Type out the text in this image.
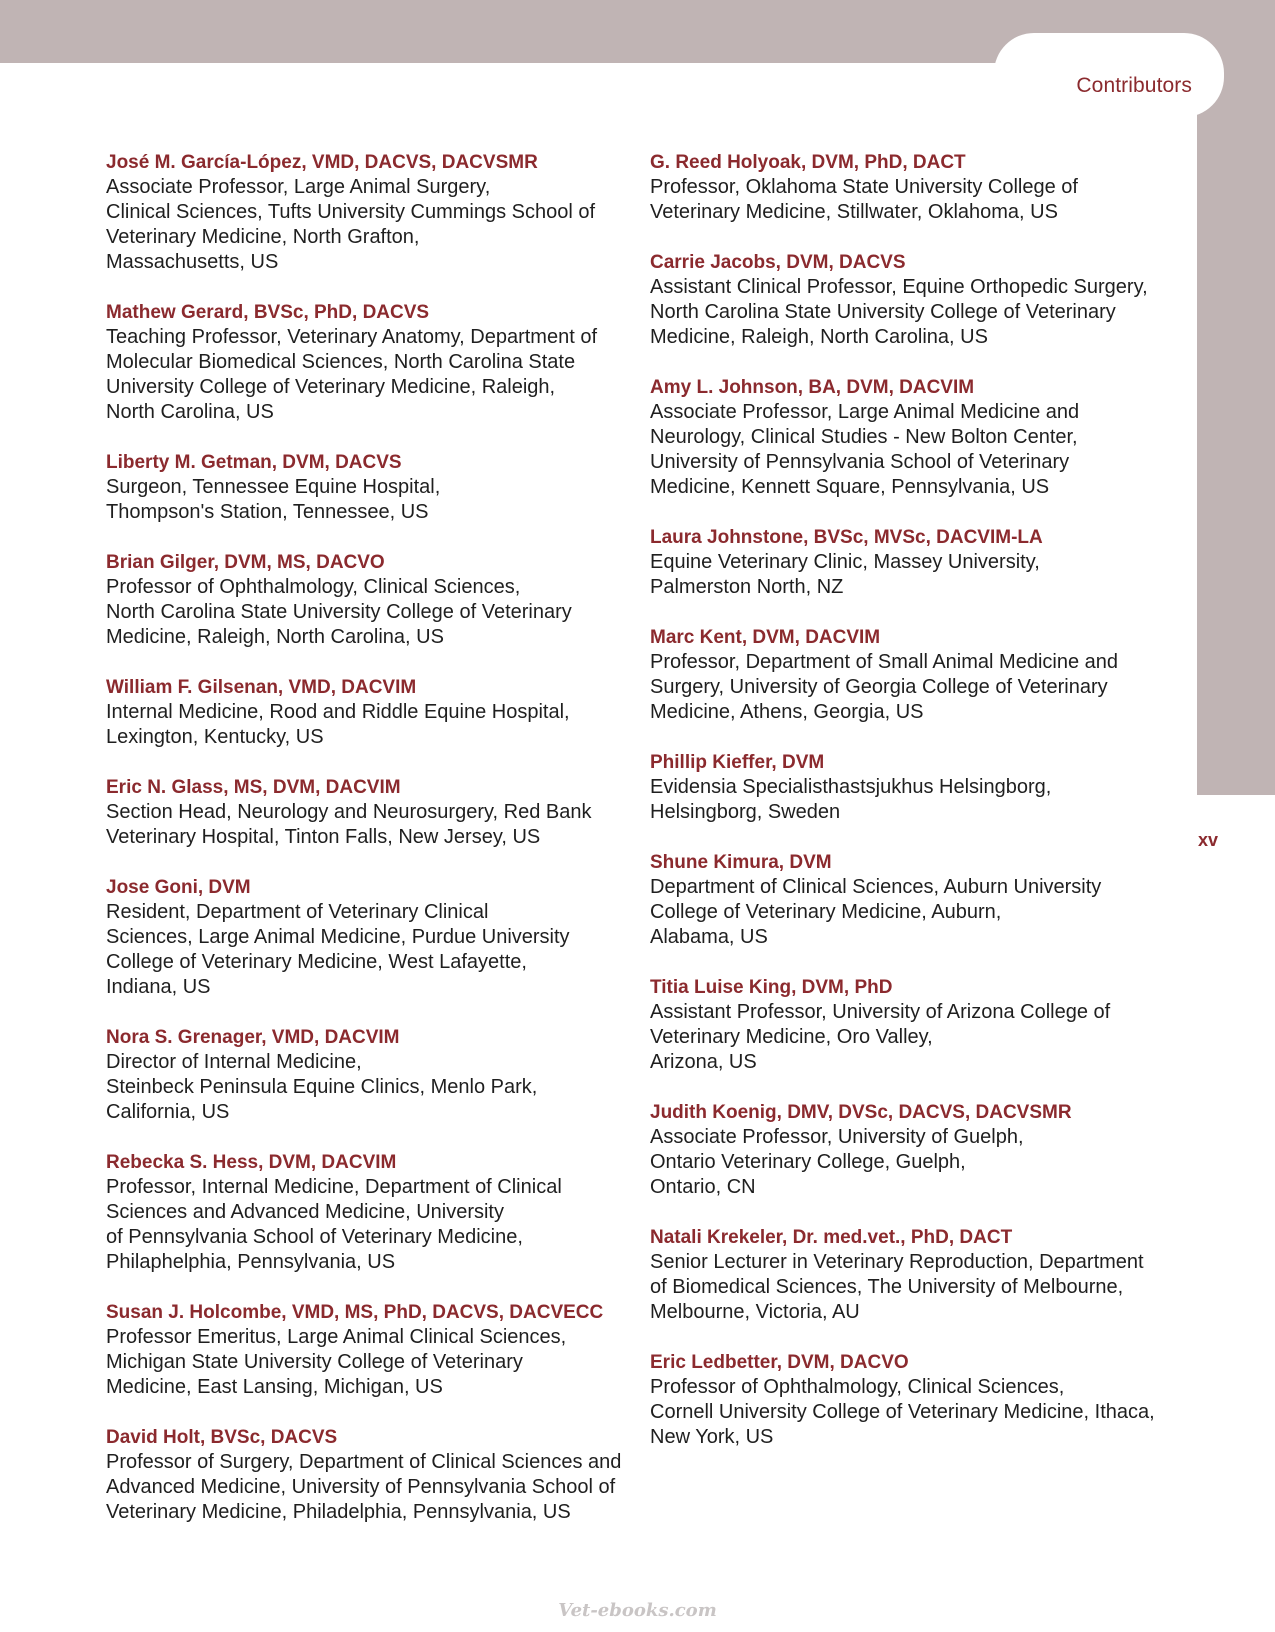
Contributors
xv
José M. García-López, VMD, DACVS, DACVSMR
Associate Professor, Large Animal Surgery,
Clinical Sciences, Tufts University Cummings School of
Veterinary Medicine, North Grafton,
Massachusetts, US
Mathew Gerard, BVSc, PhD, DACVS
Teaching Professor, Veterinary Anatomy, Department of
Molecular Biomedical Sciences, North Carolina State
University College of Veterinary Medicine, Raleigh,
North Carolina, US
Liberty M. Getman, DVM, DACVS
Surgeon, Tennessee Equine Hospital,
Thompson's Station, Tennessee, US
Brian Gilger, DVM, MS, DACVO
Professor of Ophthalmology, Clinical Sciences,
North Carolina State University College of Veterinary
Medicine, Raleigh, North Carolina, US
William F. Gilsenan, VMD, DACVIM
Internal Medicine, Rood and Riddle Equine Hospital,
Lexington, Kentucky, US
Eric N. Glass, MS, DVM, DACVIM
Section Head, Neurology and Neurosurgery, Red Bank
Veterinary Hospital, Tinton Falls, New Jersey, US
Jose Goni, DVM
Resident, Department of Veterinary Clinical
Sciences, Large Animal Medicine, Purdue University
College of Veterinary Medicine, West Lafayette,
Indiana, US
Nora S. Grenager, VMD, DACVIM
Director of Internal Medicine,
Steinbeck Peninsula Equine Clinics, Menlo Park,
California, US
Rebecka S. Hess, DVM, DACVIM
Professor, Internal Medicine, Department of Clinical
Sciences and Advanced Medicine, University
of Pennsylvania School of Veterinary Medicine,
Philaphelphia, Pennsylvania, US
Susan J. Holcombe, VMD, MS, PhD, DACVS, DACVECC
Professor Emeritus, Large Animal Clinical Sciences,
Michigan State University College of Veterinary
Medicine, East Lansing, Michigan, US
David Holt, BVSc, DACVS
Professor of Surgery, Department of Clinical Sciences and
Advanced Medicine, University of Pennsylvania School of
Veterinary Medicine, Philadelphia, Pennsylvania, US
G. Reed Holyoak, DVM, PhD, DACT
Professor, Oklahoma State University College of
Veterinary Medicine, Stillwater, Oklahoma, US
Carrie Jacobs, DVM, DACVS
Assistant Clinical Professor, Equine Orthopedic Surgery,
North Carolina State University College of Veterinary
Medicine, Raleigh, North Carolina, US
Amy L. Johnson, BA, DVM, DACVIM
Associate Professor, Large Animal Medicine and
Neurology, Clinical Studies - New Bolton Center,
University of Pennsylvania School of Veterinary
Medicine, Kennett Square, Pennsylvania, US
Laura Johnstone, BVSc, MVSc, DACVIM-LA
Equine Veterinary Clinic, Massey University,
Palmerston North, NZ
Marc Kent, DVM, DACVIM
Professor, Department of Small Animal Medicine and
Surgery, University of Georgia College of Veterinary
Medicine, Athens, Georgia, US
Phillip Kieffer, DVM
Evidensia Specialisthastsjukhus Helsingborg,
Helsingborg, Sweden
Shune Kimura, DVM
Department of Clinical Sciences, Auburn University
College of Veterinary Medicine, Auburn,
Alabama, US
Titia Luise King, DVM, PhD
Assistant Professor, University of Arizona College of
Veterinary Medicine, Oro Valley,
Arizona, US
Judith Koenig, DMV, DVSc, DACVS, DACVSMR
Associate Professor, University of Guelph,
Ontario Veterinary College, Guelph,
Ontario, CN
Natali Krekeler, Dr. med.vet., PhD, DACT
Senior Lecturer in Veterinary Reproduction, Department
of Biomedical Sciences, The University of Melbourne,
Melbourne, Victoria, AU
Eric Ledbetter, DVM, DACVO
Professor of Ophthalmology, Clinical Sciences,
Cornell University College of Veterinary Medicine, Ithaca,
New York, US
Vet-ebooks.com
